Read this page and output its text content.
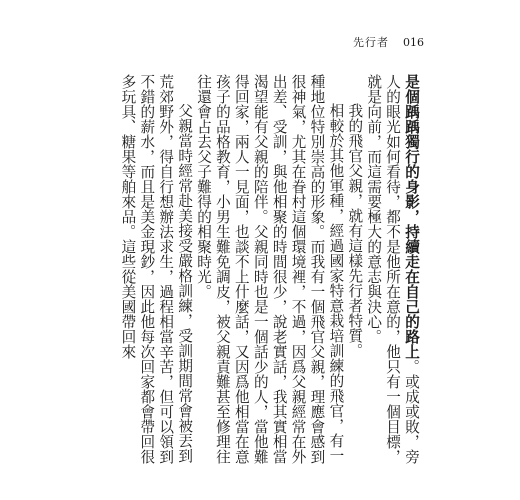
先行者 016

是個踽踽獨行的身影，持續走在自己的路上。或成或敗，旁人的眼光如何看待，都不是他所在意的，他只有一個目標，就是向前，而這需要極大的意志與決心。

我的飛官父親，就有這樣先行者特質。

相較於其他軍種，經過國家特意栽培訓練的飛官，有一種地位特別崇高的形象。而我有一個飛官父親，理應會感到很神氣，尤其在眷村這個環境裡，不過，因爲父親經常在外出差、受訓，與他相聚的時間很少，說老實話，我其實相當渴望能有父親的陪伴。父親同時也是一個話少的人，當他難得回家，兩人一見面，也談不上什麼話，又因爲他相當在意孩子的品格教育，小男生難免調皮，被父親責難甚至修理往往還會占去父子難得的相聚時光。

父親當時經常赴美接受嚴格訓練，受訓期間常會被丟到荒郊野外，得自行想辦法求生，過程相當辛苦，但可以領到不錯的薪水，而且是美金現鈔，因此他每次回家都會帶回很多玩具、糖果等舶來品。這些從美國帶回來
